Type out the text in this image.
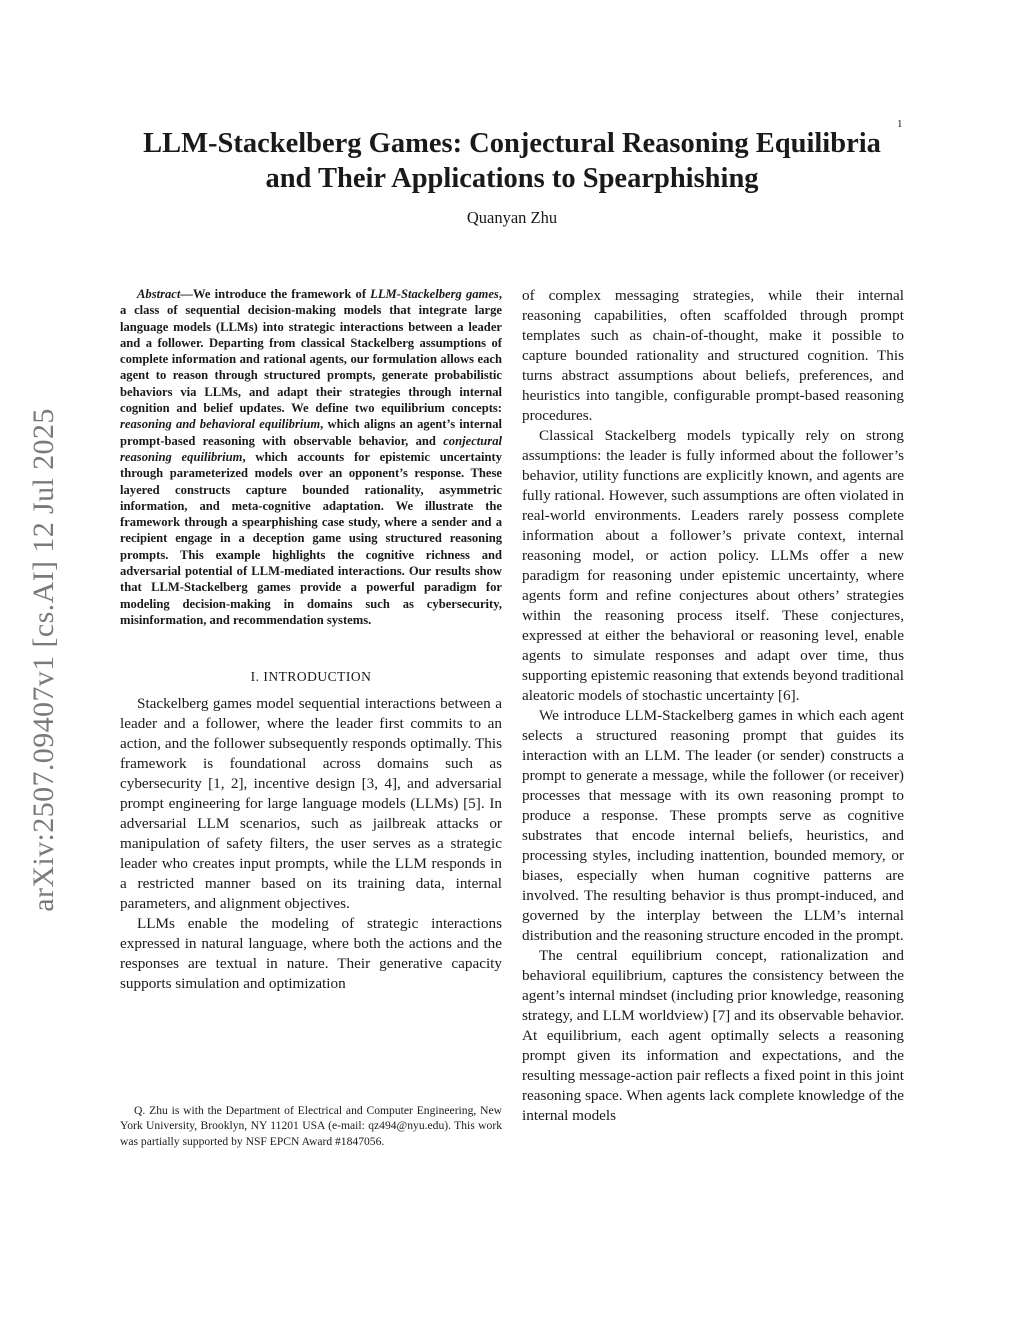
1
arXiv:2507.09407v1 [cs.AI] 12 Jul 2025
LLM-Stackelberg Games: Conjectural Reasoning Equilibria and Their Applications to Spearphishing
Quanyan Zhu

Abstract—We introduce the framework of LLM-Stackelberg games, a class of sequential decision-making models that integrate large language models (LLMs) into strategic interactions between a leader and a follower. Departing from classical Stackelberg assumptions of complete information and rational agents, our formulation allows each agent to reason through structured prompts, generate probabilistic behaviors via LLMs, and adapt their strategies through internal cognition and belief updates. We define two equilibrium concepts: reasoning and behavioral equilibrium, which aligns an agent’s internal prompt-based reasoning with observable behavior, and conjectural reasoning equilibrium, which accounts for epistemic uncertainty through parameterized models over an opponent’s response. These layered constructs capture bounded rationality, asymmetric information, and meta-cognitive adaptation. We illustrate the framework through a spearphishing case study, where a sender and a recipient engage in a deception game using structured reasoning prompts. This example highlights the cognitive richness and adversarial potential of LLM-mediated interactions. Our results show that LLM-Stackelberg games provide a powerful paradigm for modeling decision-making in domains such as cybersecurity, misinformation, and recommendation systems.

I. INTRODUCTION

Stackelberg games model sequential interactions between a leader and a follower, where the leader first commits to an action, and the follower subsequently responds optimally. This framework is foundational across domains such as cybersecurity [1, 2], incentive design [3, 4], and adversarial prompt engineering for large language models (LLMs) [5]. In adversarial LLM scenarios, such as jailbreak attacks or manipulation of safety filters, the user serves as a strategic leader who creates input prompts, while the LLM responds in a restricted manner based on its training data, internal parameters, and alignment objectives.

LLMs enable the modeling of strategic interactions expressed in natural language, where both the actions and the responses are textual in nature. Their generative capacity supports simulation and optimization

of complex messaging strategies, while their internal reasoning capabilities, often scaffolded through prompt templates such as chain-of-thought, make it possible to capture bounded rationality and structured cognition. This turns abstract assumptions about beliefs, preferences, and heuristics into tangible, configurable prompt-based reasoning procedures.

Classical Stackelberg models typically rely on strong assumptions: the leader is fully informed about the follower’s behavior, utility functions are explicitly known, and agents are fully rational. However, such assumptions are often violated in real-world environments. Leaders rarely possess complete information about a follower’s private context, internal reasoning model, or action policy. LLMs offer a new paradigm for reasoning under epistemic uncertainty, where agents form and refine conjectures about others’ strategies within the reasoning process itself. These conjectures, expressed at either the behavioral or reasoning level, enable agents to simulate responses and adapt over time, thus supporting epistemic reasoning that extends beyond traditional aleatoric models of stochastic uncertainty [6].

We introduce LLM-Stackelberg games in which each agent selects a structured reasoning prompt that guides its interaction with an LLM. The leader (or sender) constructs a prompt to generate a message, while the follower (or receiver) processes that message with its own reasoning prompt to produce a response. These prompts serve as cognitive substrates that encode internal beliefs, heuristics, and processing styles, including inattention, bounded memory, or biases, especially when human cognitive patterns are involved. The resulting behavior is thus prompt-induced, and governed by the interplay between the LLM’s internal distribution and the reasoning structure encoded in the prompt.

The central equilibrium concept, rationalization and behavioral equilibrium, captures the consistency between the agent’s internal mindset (including prior knowledge, reasoning strategy, and LLM worldview) [7] and its observable behavior. At equilibrium, each agent optimally selects a reasoning prompt given its information and expectations, and the resulting message-action pair reflects a fixed point in this joint reasoning space. When agents lack complete knowledge of the internal models

Q. Zhu is with the Department of Electrical and Computer Engineering, New York University, Brooklyn, NY 11201 USA (e-mail: qz494@nyu.edu). This work was partially supported by NSF EPCN Award #1847056.
